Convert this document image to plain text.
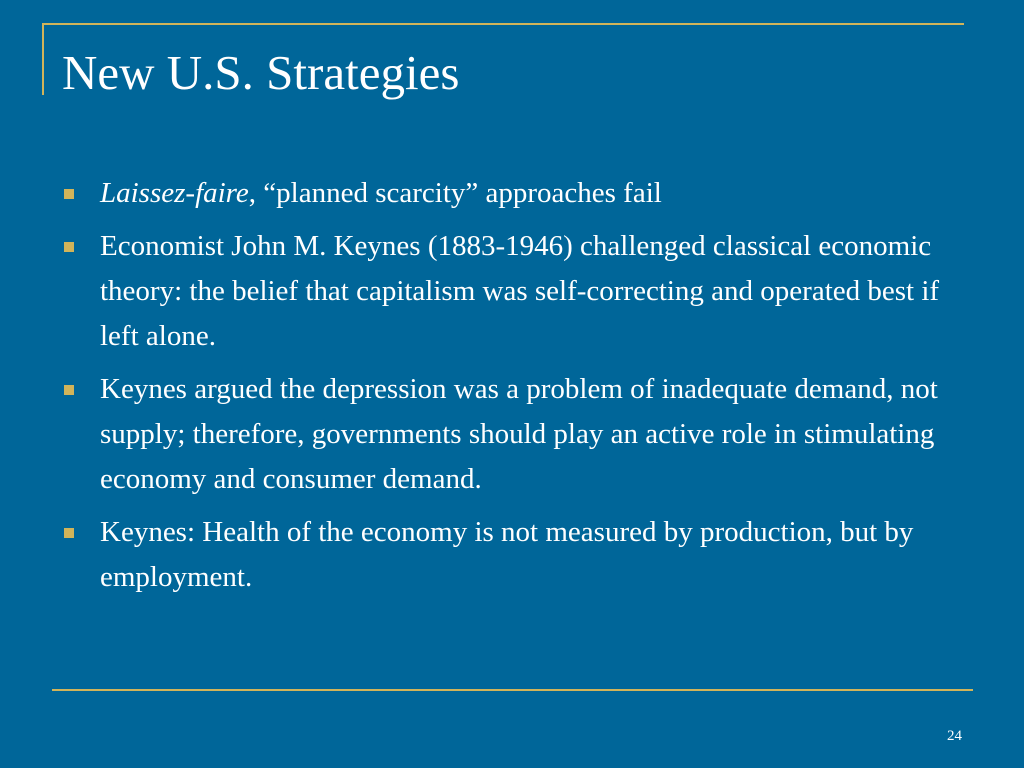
New U.S. Strategies
Laissez-faire, “planned scarcity” approaches fail
Economist John M. Keynes (1883-1946) challenged classical economic theory: the belief that capitalism was self-correcting and operated best if left alone.
Keynes argued the depression was a problem of inadequate demand, not supply; therefore, governments should play an active role in stimulating economy and consumer demand.
Keynes: Health of the economy is not measured by production, but by employment.
24
